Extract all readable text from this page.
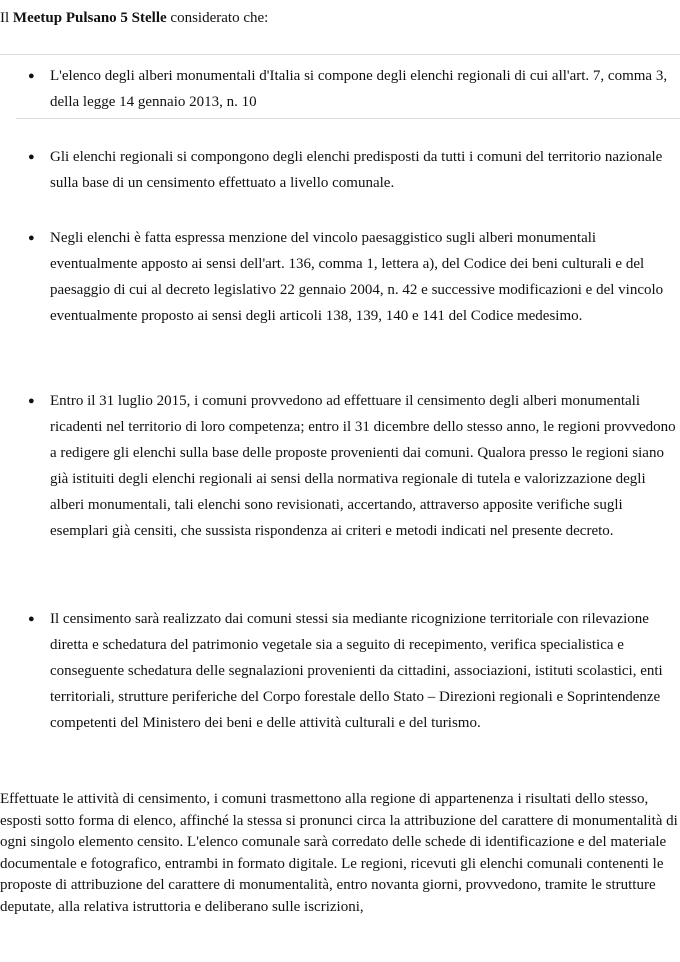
Il Meetup Pulsano 5 Stelle considerato che:
● L'elenco degli alberi monumentali d'Italia si compone degli elenchi regionali di cui all'art. 7, comma 3, della legge 14 gennaio 2013, n. 10
● Gli elenchi regionali si compongono degli elenchi predisposti da tutti i comuni del territorio nazionale sulla base di un censimento effettuato a livello comunale.
● Negli elenchi è fatta espressa menzione del vincolo paesaggistico sugli alberi monumentali eventualmente apposto ai sensi dell'art. 136, comma 1, lettera a), del Codice dei beni culturali e del paesaggio di cui al decreto legislativo 22 gennaio 2004, n. 42 e successive modificazioni e del vincolo eventualmente proposto ai sensi degli articoli 138, 139, 140 e 141 del Codice medesimo.
● Entro il 31 luglio 2015, i comuni provvedono ad effettuare il censimento degli alberi monumentali ricadenti nel territorio di loro competenza; entro il 31 dicembre dello stesso anno, le regioni provvedono a redigere gli elenchi sulla base delle proposte provenienti dai comuni. Qualora presso le regioni siano già istituiti degli elenchi regionali ai sensi della normativa regionale di tutela e valorizzazione degli alberi monumentali, tali elenchi sono revisionati, accertando, attraverso apposite verifiche sugli esemplari già censiti, che sussista rispondenza ai criteri e metodi indicati nel presente decreto.
● Il censimento sarà realizzato dai comuni stessi sia mediante ricognizione territoriale con rilevazione diretta e schedatura del patrimonio vegetale sia a seguito di recepimento, verifica specialistica e conseguente schedatura delle segnalazioni provenienti da cittadini, associazioni, istituti scolastici, enti territoriali, strutture periferiche del Corpo forestale dello Stato – Direzioni regionali e Soprintendenze competenti del Ministero dei beni e delle attività culturali e del turismo.
Effettuate le attività di censimento, i comuni trasmettono alla regione di appartenenza i risultati dello stesso, esposti sotto forma di elenco, affinché la stessa si pronunci circa la attribuzione del carattere di monumentalità di ogni singolo elemento censito. L'elenco comunale sarà corredato delle schede di identificazione e del materiale documentale e fotografico, entrambi in formato digitale. Le regioni, ricevuti gli elenchi comunali contenenti le proposte di attribuzione del carattere di monumentalità, entro novanta giorni, provvedono, tramite le strutture deputate, alla relativa istruttoria e deliberano sulle iscrizioni,
